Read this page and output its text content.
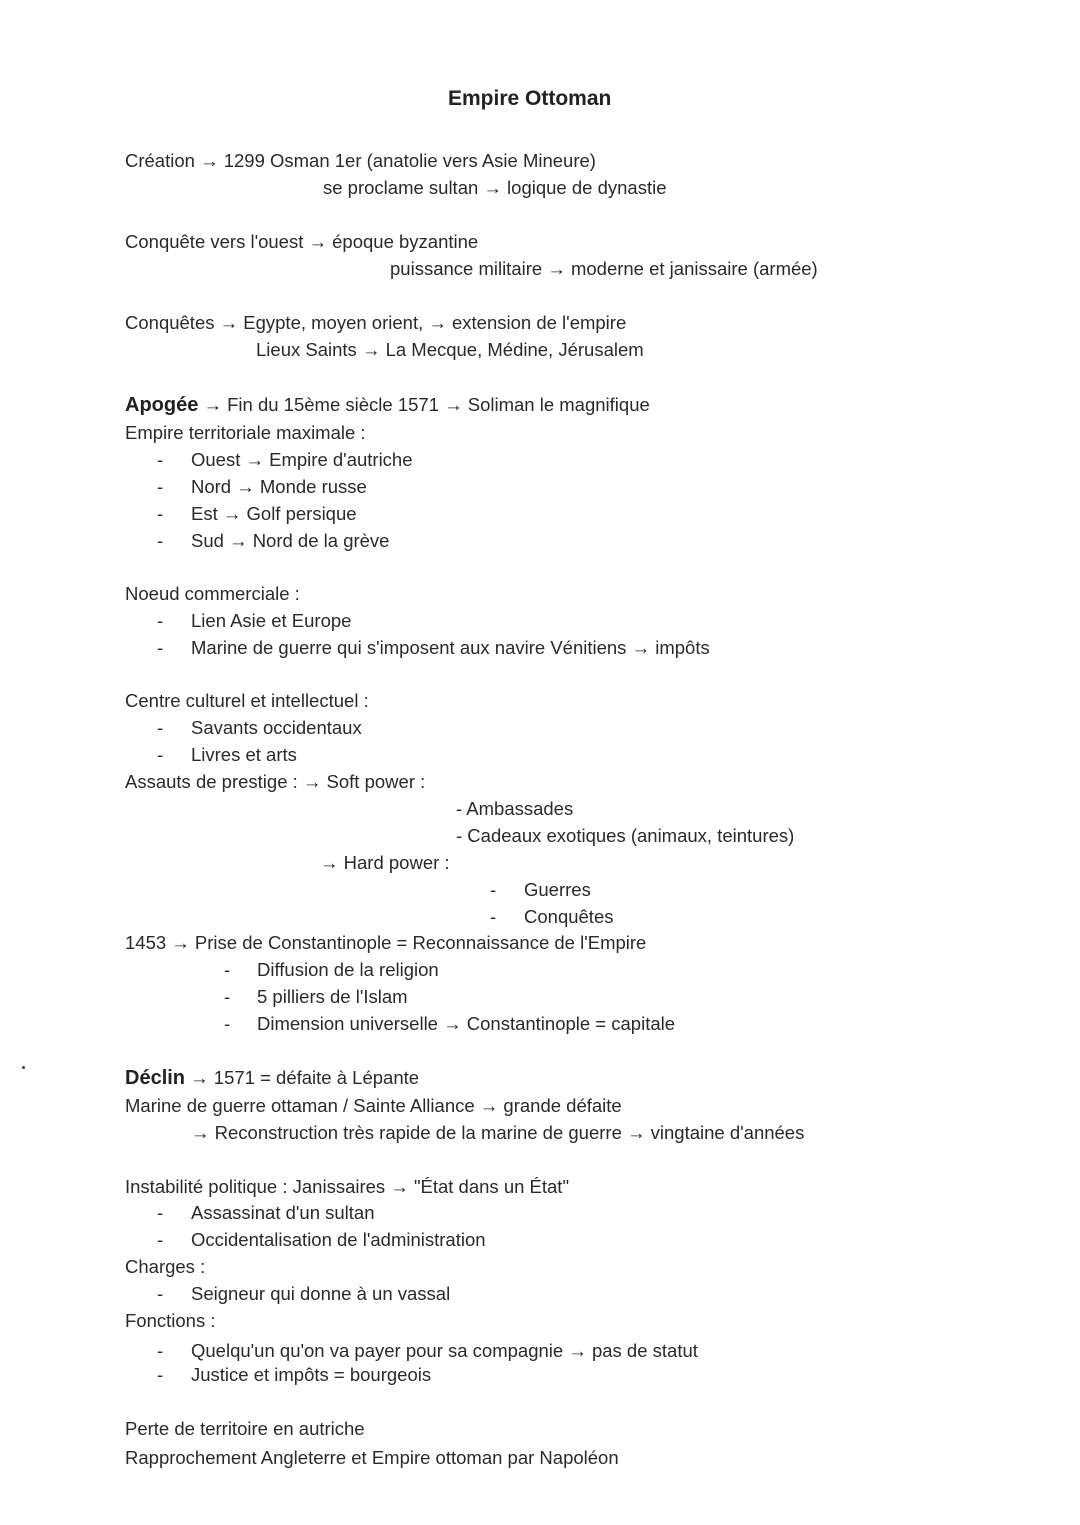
Empire Ottoman
Création → 1299 Osman 1er (anatolie vers Asie Mineure)
se proclame sultan → logique de dynastie
Conquête vers l'ouest → époque byzantine
puissance militaire → moderne et janissaire (armée)
Conquêtes → Egypte, moyen orient, → extension de l'empire
Lieux Saints → La Mecque, Médine, Jérusalem
Apogée → Fin du 15ème siècle 1571 → Soliman le magnifique
Empire territoriale maximale :
- Ouest → Empire d'autriche
- Nord → Monde russe
- Est → Golf persique
- Sud → Nord de la grève
Noeud commerciale :
- Lien Asie et Europe
- Marine de guerre qui s'imposent aux navire Vénitiens → impôts
Centre culturel et intellectuel :
- Savants occidentaux
- Livres et arts
Assauts de prestige : → Soft power :
- Ambassades
- Cadeaux exotiques (animaux, teintures)
→ Hard power :
- Guerres
- Conquêtes
1453 → Prise de Constantinople = Reconnaissance de l'Empire
- Diffusion de la religion
- 5 pilliers de l'Islam
- Dimension universelle → Constantinople = capitale
Déclin → 1571 = défaite à Lépante
Marine de guerre ottaman / Sainte Alliance → grande défaite
→ Reconstruction très rapide de la marine de guerre → vingtaine d'années
Instabilité politique : Janissaires → "État dans un État"
- Assassinat d'un sultan
- Occidentalisation de l'administration
Charges :
- Seigneur qui donne à un vassal
Fonctions :
- Quelqu'un qu'on va payer pour sa compagnie → pas de statut
- Justice et impôts = bourgeois
Perte de territoire en autriche
Rapprochement Angleterre et Empire ottoman par Napoléon
